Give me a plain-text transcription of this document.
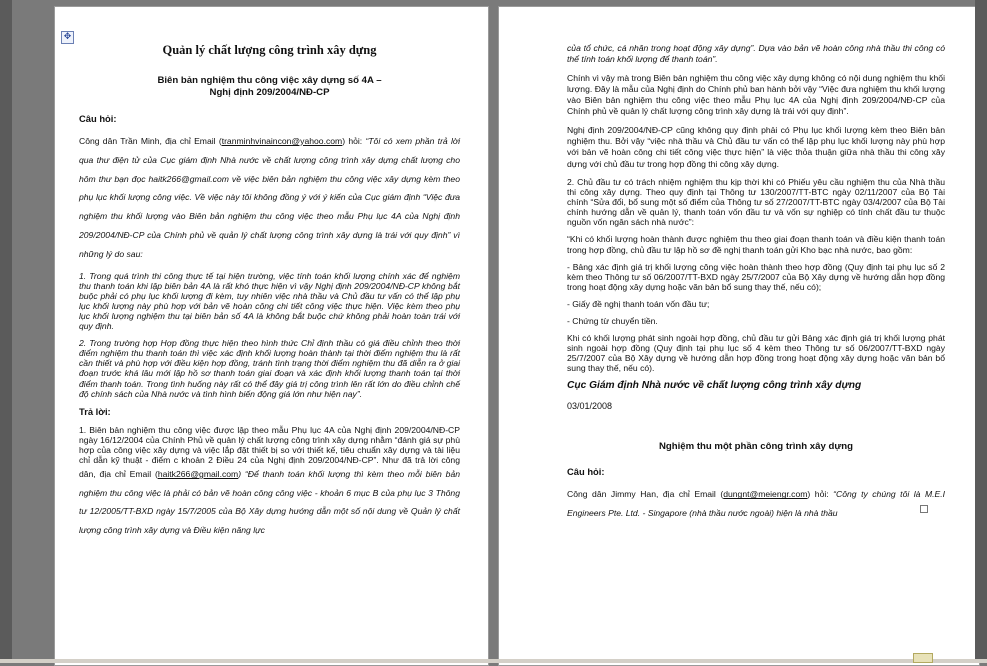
✥
Quản lý chất lượng công trình xây dựng
Biên bản nghiệm thu công việc xây dựng số 4A –
Nghị định 209/2004/NĐ-CP
Câu hỏi:

Công dân Trần Minh, địa chỉ Email (tranminhvinaincon@yahoo.com) hỏi: “Tôi có xem phần trả lời qua thư điện tử của Cục giám định Nhà nước về chất lượng công trình xây dựng chất lượng cho hôm thư bạn đọc haitk266@gmail.com về việc biên bản nghiệm thu công việc xây dựng kèm theo phụ lục khối lượng công việc. Về việc này tôi không đồng ý với ý kiến của Cục giám định “Việc đưa nghiệm thu khối lượng vào Biên bản nghiệm thu công việc theo mẫu Phụ lục 4A của Nghị định 209/2004/NĐ-CP của Chính phủ về quản lý chất lượng công trình xây dựng là trái với quy định” vì những lý do sau:

1. Trong quá trình thi công thực tế tại hiện trường, việc tính toán khối lượng chính xác để nghiệm thu thanh toán khi lập biên bản 4A là rất khó thực hiện vì vậy Nghị định 209/2004/NĐ-CP không bắt buộc phải có phụ lục khối lượng đi kèm, tuy nhiên việc nhà thầu và Chủ đầu tư vấn có thể lập phụ lục khối lượng này phù hợp với bản vẽ hoàn công chi tiết công việc thực hiện. Việc kèm theo phụ lục khối lượng nghiệm thu tại biên bản số 4A là không bắt buộc chứ không phải hoàn toàn trái với quy định.

2. Trong trường hợp Hợp đồng thực hiện theo hình thức Chỉ định thầu có giá điều chỉnh theo thời điểm nghiệm thu thanh toán thì việc xác định khối lượng hoàn thành tại thời điểm nghiệm thu là rất cần thiết và phù hợp với điều kiện hợp đồng, tránh tình trạng thời điểm nghiệm thu đã diễn ra ở giai đoạn trước khá lâu mới lập hồ sơ thanh toán giai đoạn và xác định khối lượng thanh toán tại thời điểm thanh toán. Trong tình huống này rất có thể đây giá trị công trình lên rất lớn do điều chỉnh chế độ chính sách của Nhà nước và tình hình biến động giá lớn như hiện nay”.

Trả lời:

1. Biên bản nghiệm thu công việc được lập theo mẫu Phụ lục 4A của Nghị định 209/2004/NĐ-CP ngày 16/12/2004 của Chính Phủ về quản lý chất lượng công trình xây dựng nhằm “đánh giá sự phù hợp của công việc xây dựng và việc lắp đặt thiết bị so với thiết kế, tiêu chuẩn xây dựng và tài liệu chỉ dẫn kỹ thuật - điểm c khoản 2 Điều 24 của Nghị định 209/2004/NĐ-CP”. Như đã trả lời công dân, địa chỉ Email (haitk266@gmail.com) “Để thanh toán khối lượng thì kèm theo mỗi biên bản nghiệm thu công việc là phải có bản vẽ hoàn công công việc - khoản 6 mục B của phụ lục 3 Thông tư 12/2005/TT-BXD ngày 15/7/2005 của Bộ Xây dựng hướng dẫn một số nội dung về Quản lý chất lượng công trình xây dựng và Điều kiện năng lực

của tổ chức, cá nhân trong hoạt động xây dựng”. Dựa vào bản vẽ hoàn công nhà thầu thi công có thể tính toán khối lượng để thanh toán”.

Chính vì vậy mà trong Biên bản nghiệm thu công việc xây dựng không có nội dung nghiệm thu khối lượng. Đây là mẫu của Nghị định do Chính phủ ban hành bởi vậy “Việc đưa nghiệm thu khối lượng vào Biên bản nghiệm thu công việc theo mẫu Phụ lục 4A của Nghị định 209/2004/NĐ-CP của Chính phủ về quản lý chất lượng công trình xây dựng là trái với quy định”.

Nghị định 209/2004/NĐ-CP cũng không quy định phải có Phụ lục khối lượng kèm theo Biên bản nghiệm thu. Bởi vậy “việc nhà thầu và Chủ đầu tư vấn có thể lập phụ lục khối lượng này phù hợp với bản vẽ hoàn công chi tiết công việc thực hiện” là việc thỏa thuận giữa nhà thầu thi công xây dựng với chủ đầu tư trong hợp đồng thi công xây dựng.

2. Chủ đầu tư có trách nhiệm nghiệm thu kịp thời khi có Phiếu yêu cầu nghiệm thu của Nhà thầu thi công xây dựng. Theo quy định tại Thông tư 130/2007/TT-BTC ngày 02/11/2007 của Bộ Tài chính “Sửa đổi, bổ sung một số điểm của Thông tư số 27/2007/TT-BTC ngày 03/4/2007 của Bộ Tài chính hướng dẫn về quản lý, thanh toán vốn đầu tư và vốn sự nghiệp có tính chất đầu tư thuộc nguồn vốn ngân sách nhà nước”:

“Khi có khối lượng hoàn thành được nghiệm thu theo giai đoạn thanh toán và điều kiện thanh toán trong hợp đồng, chủ đầu tư lập hồ sơ đề nghị thanh toán gửi Kho bạc nhà nước, bao gồm:

- Bảng xác định giá trị khối lượng công việc hoàn thành theo hợp đồng (Quy định tại phụ lục số 2 kèm theo Thông tư số 06/2007/TT-BXD ngày 25/7/2007 của Bộ Xây dựng về hướng dẫn hợp đồng trong hoạt động xây dựng hoặc văn bản bổ sung thay thế, nếu có);

- Giấy đề nghị thanh toán vốn đầu tư;

- Chứng từ chuyển tiền.

Khi có khối lượng phát sinh ngoài hợp đồng, chủ đầu tư gửi Bảng xác định giá trị khối lượng phát sinh ngoài hợp đồng (Quy định tại phụ lục số 4 kèm theo Thông tư số 06/2007/TT-BXD ngày 25/7/2007 của Bộ Xây dựng về hướng dẫn hợp đồng trong hoạt động xây dựng hoặc văn bản bổ sung thay thế, nếu có).

Cục Giám định Nhà nước về chất lượng công trình xây dựng
03/01/2008
Nghiệm thu một phần công trình xây dựng
Câu hỏi:

Công dân Jimmy Han, địa chỉ Email (dungnt@meiengr.com) hỏi: “Công ty chúng tôi là M.E.I Engineers Pte. Ltd. - Singapore (nhà thầu nước ngoài) hiện là nhà thầu
